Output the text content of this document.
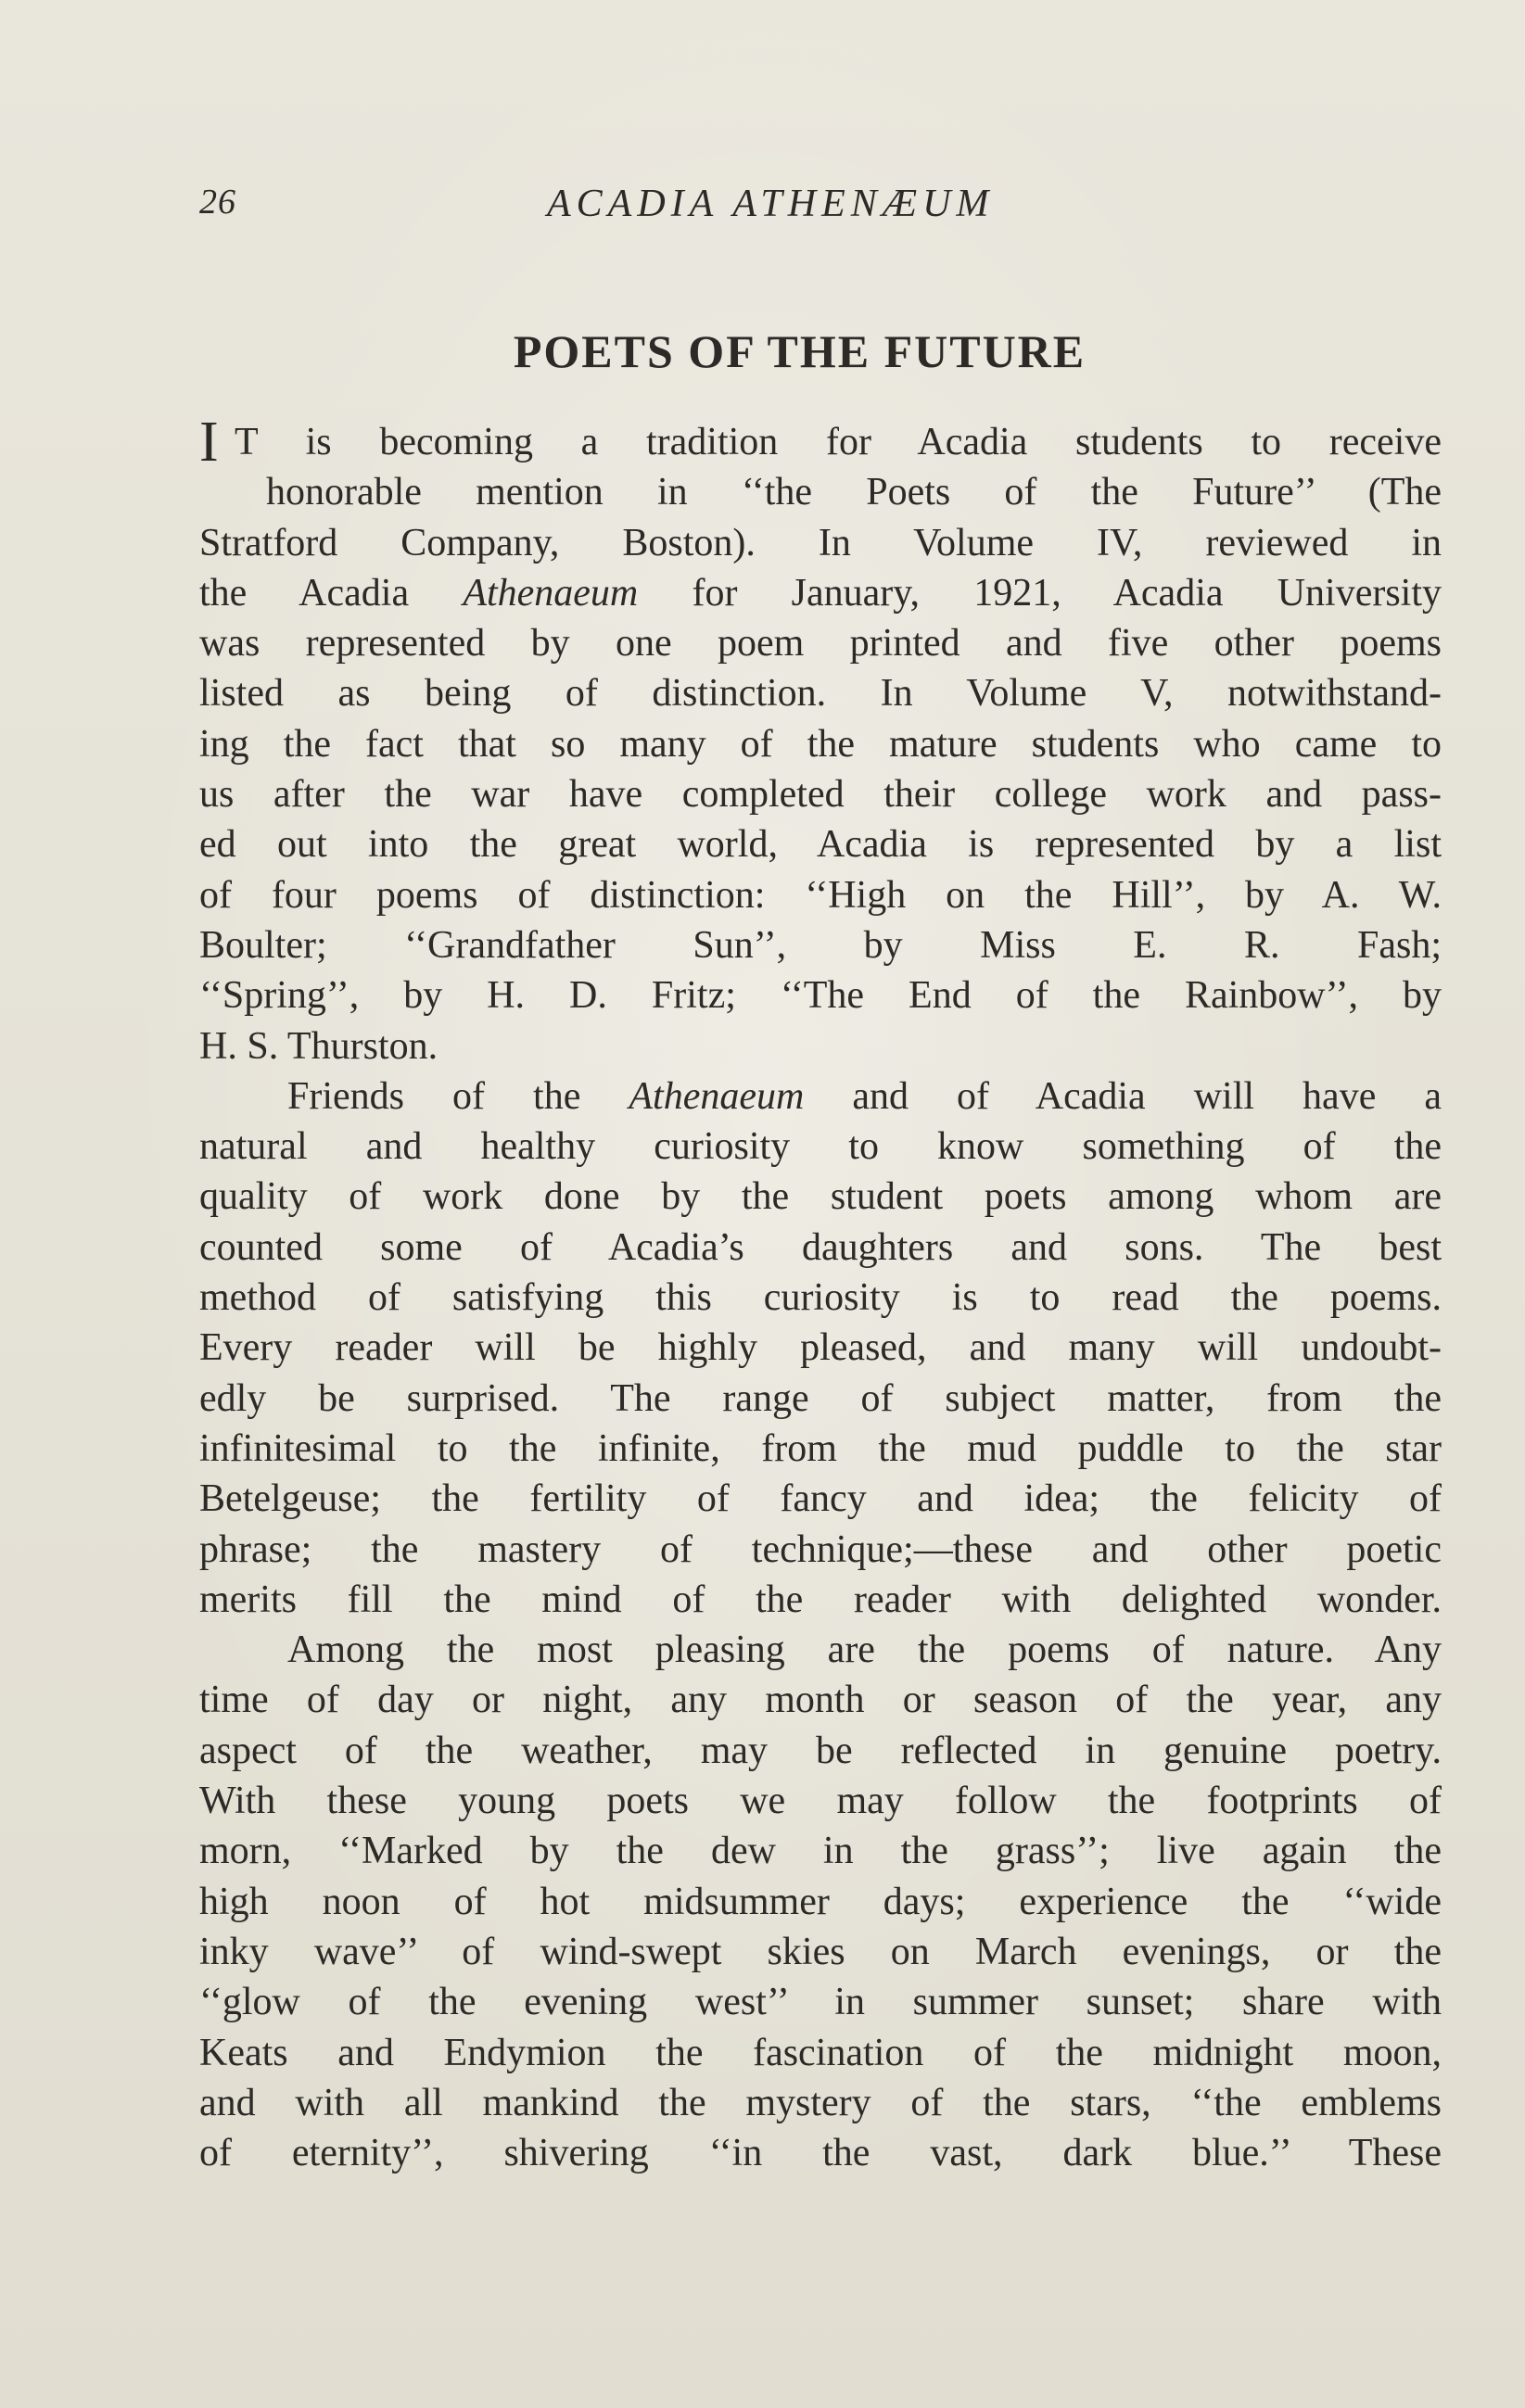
26	ACADIA ATHENÆUM
POETS OF THE FUTURE
I T is becoming a tradition for Acadia students to receive
honorable mention in ‘‘the Poets of the Future’’ (The
Stratford Company, Boston). In Volume IV, reviewed in
the Acadia Athenaeum for January, 1921, Acadia University
was represented by one poem printed and five other poems
listed as being of distinction. In Volume V, notwithstand-
ing the fact that so many of the mature students who came to
us after the war have completed their college work and pass-
ed out into the great world, Acadia is represented by a list
of four poems of distinction: ‘‘High on the Hill’’, by A. W.
Boulter; ‘‘Grandfather Sun’’, by Miss E. R. Fash;
‘‘Spring’’, by H. D. Fritz; ‘‘The End of the Rainbow’’, by
H. S. Thurston.
Friends of the Athenaeum and of Acadia will have a
natural and healthy curiosity to know something of the
quality of work done by the student poets among whom are
counted some of Acadia’s daughters and sons. The best
method of satisfying this curiosity is to read the poems.
Every reader will be highly pleased, and many will undoubt-
edly be surprised. The range of subject matter, from the
infinitesimal to the infinite, from the mud puddle to the star
Betelgeuse; the fertility of fancy and idea; the felicity of
phrase; the mastery of technique;—these and other poetic
merits fill the mind of the reader with delighted wonder.
Among the most pleasing are the poems of nature. Any
time of day or night, any month or season of the year, any
aspect of the weather, may be reflected in genuine poetry.
With these young poets we may follow the footprints of
morn, ‘‘Marked by the dew in the grass’’; live again the
high noon of hot midsummer days; experience the ‘‘wide
inky wave’’ of wind-swept skies on March evenings, or the
‘‘glow of the evening west’’ in summer sunset; share with
Keats and Endymion the fascination of the midnight moon,
and with all mankind the mystery of the stars, ‘‘the emblems
of eternity’’, shivering ‘‘in the vast, dark blue.’’ These
